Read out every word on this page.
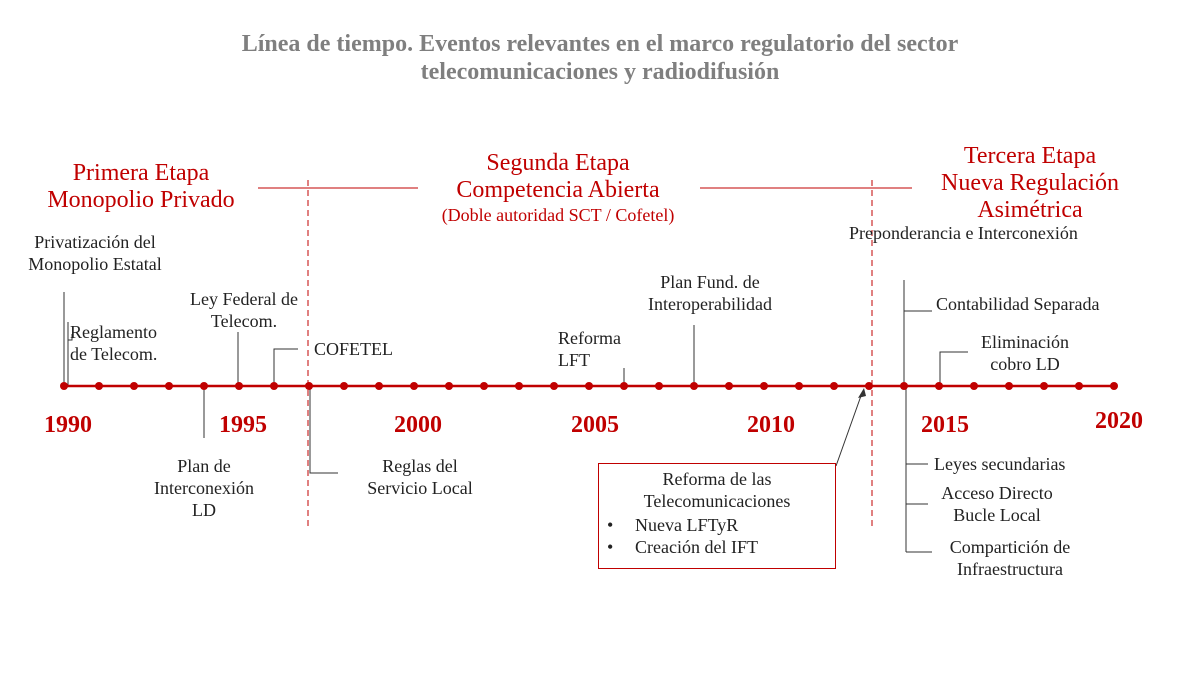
Línea de tiempo. Eventos relevantes en el marco regulatorio del sector
telecomunicaciones y radiodifusión
Primera Etapa
Monopolio Privado
Segunda Etapa
Competencia Abierta
(Doble autoridad SCT / Cofetel)
Tercera Etapa
Nueva Regulación
Asimétrica
Privatización del
Monopolio Estatal
Reglamento
de Telecom.
Ley Federal de
Telecom.
COFETEL
Reforma
LFT
Plan Fund. de
Interoperabilidad
Preponderancia e Interconexión
Contabilidad Separada
Eliminación
cobro LD
1990	1995	2000	2005	2010	2015	2020
Plan de
Interconexión
LD
Reglas del
Servicio Local	Reforma de las
Telecomunicaciones
• Nueva LFTyR
• Creación del IFT
Leyes secundarias
Acceso Directo
Bucle Local
Compartición de
Infraestructura
